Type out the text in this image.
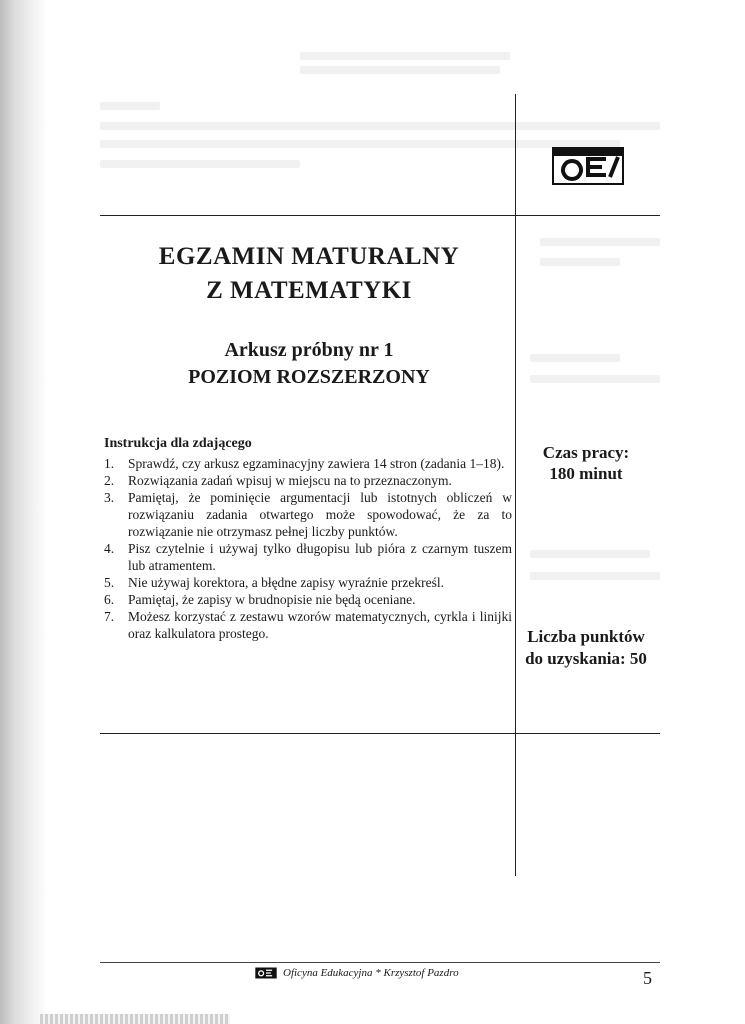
EGZAMIN MATURALNY
Z MATEMATYKI
Arkusz próbny nr 1
POZIOM ROZSZERZONY
Instrukcja dla zdającego
1.	Sprawdź, czy arkusz egzaminacyjny zawiera 14 stron (zadania 1–18).
2.	Rozwiązania zadań wpisuj w miejscu na to przeznaczonym.
3.	Pamiętaj, że pominięcie argumentacji lub istotnych obliczeń w rozwiązaniu zadania otwartego może spowodować, że za to rozwiązanie nie otrzymasz pełnej liczby punktów.
4.	Pisz czytelnie i używaj tylko długopisu lub pióra z czarnym tuszem lub atramentem.
5.	Nie używaj korektora, a błędne zapisy wyraźnie przekreśl.
6.	Pamiętaj, że zapisy w brudnopisie nie będą oceniane.
7.	Możesz korzystać z zestawu wzorów matematycznych, cyrkla i linijki oraz kalkulatora prostego.
Czas pracy:
180 minut
Liczba punktów
do uzyskania: 50
Oficyna Edukacyjna * Krzysztof Pazdro	5
